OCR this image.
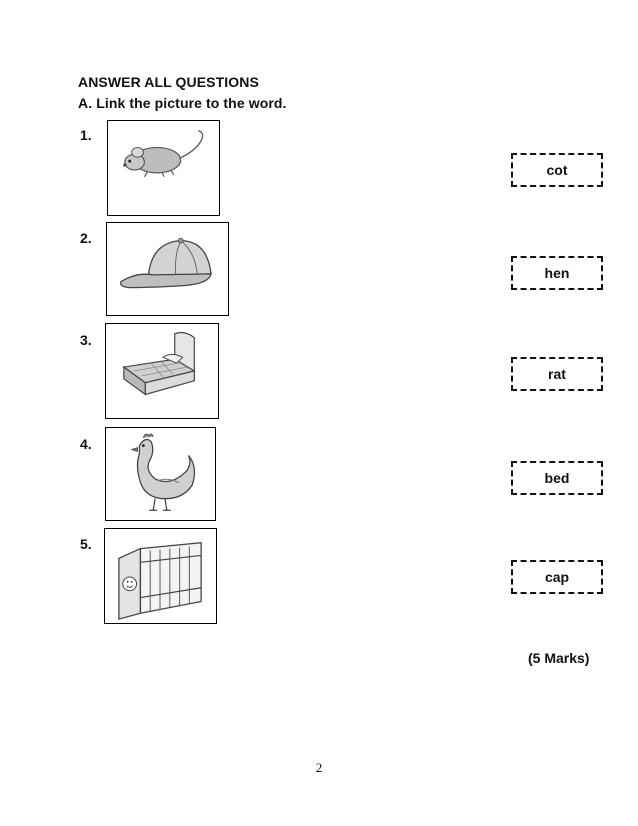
ANSWER ALL QUESTIONS
A. Link the picture to the word.
1.
cot
2.
hen
3.
rat
4.
bed
5.
cap
(5 Marks)
2
